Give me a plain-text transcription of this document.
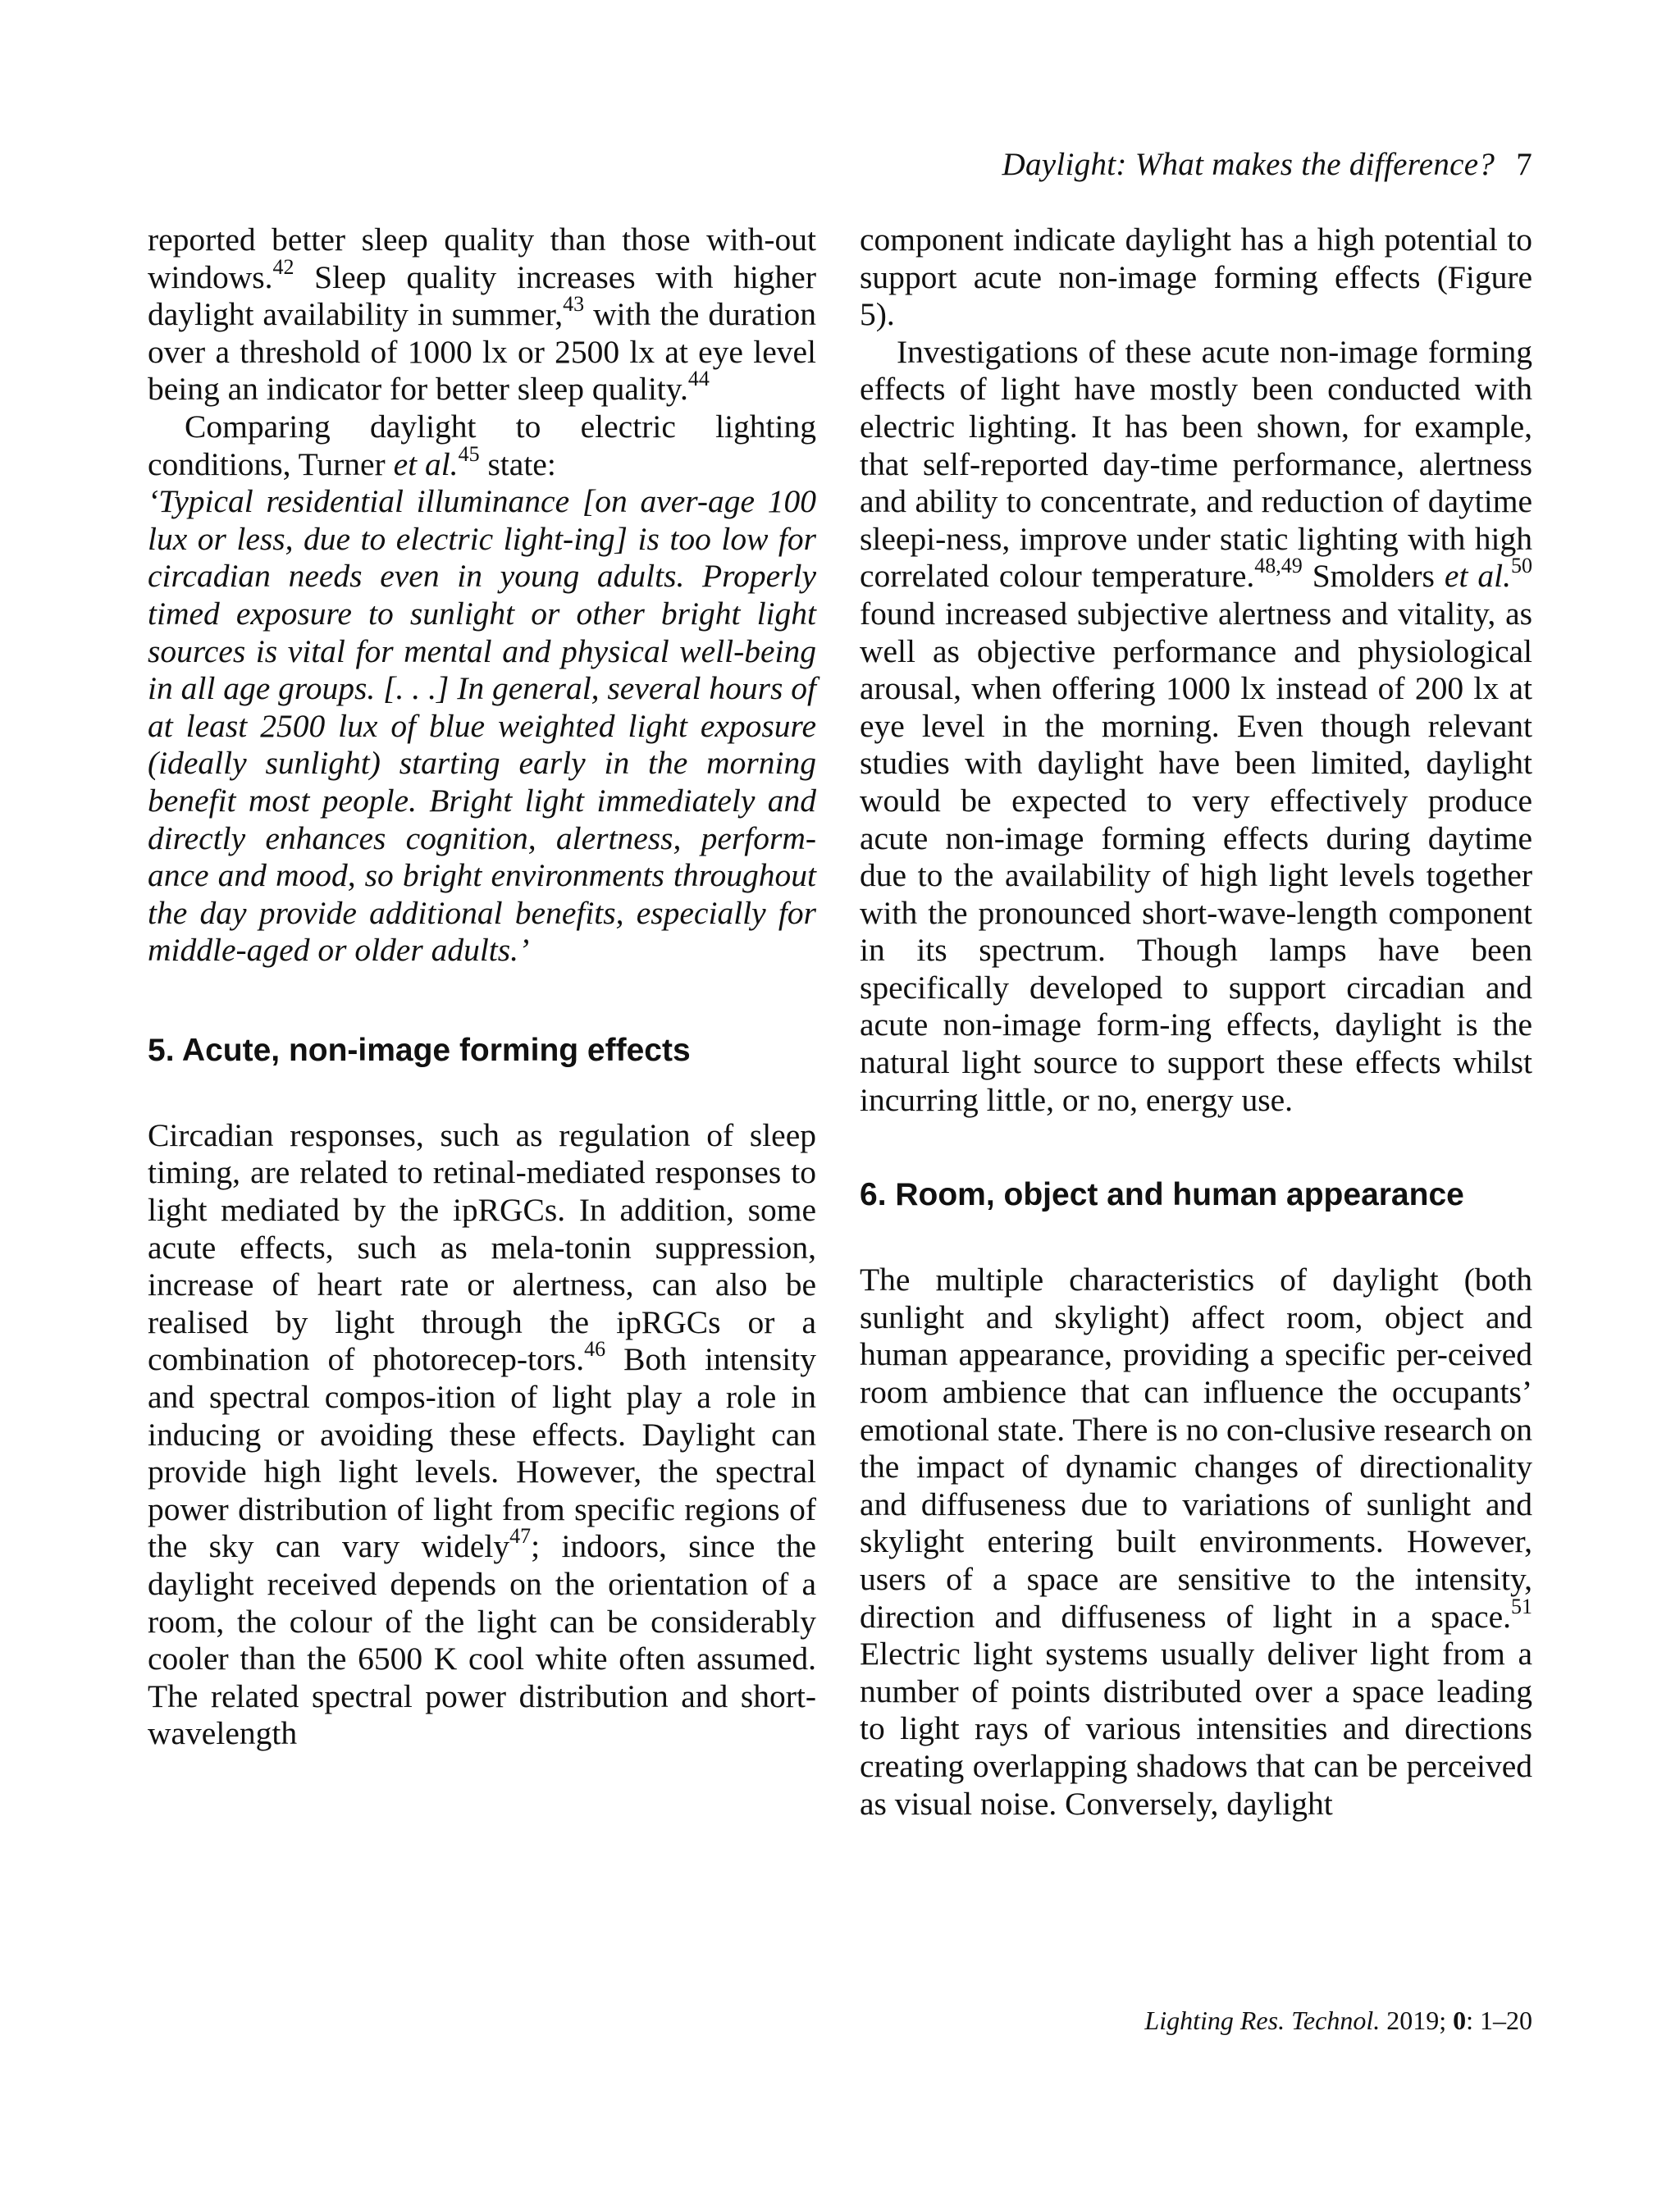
Daylight: What makes the difference? 7

reported better sleep quality than those with-out windows.$^{42}$ Sleep quality increases with higher daylight availability in summer,$^{43}$ with the duration over a threshold of 1000 lx or 2500 lx at eye level being an indicator for better sleep quality.$^{44}$

Comparing daylight to electric lighting conditions, Turner et al.$^{45}$ state:

‘Typical residential illuminance [on aver-age 100 lux or less, due to electric light-ing] is too low for circadian needs even in young adults. Properly timed exposure to sunlight or other bright light sources is vital for mental and physical well-being in all age groups. [. . .] In general, several hours of at least 2500 lux of blue weighted light exposure (ideally sunlight) starting early in the morning benefit most people. Bright light immediately and directly enhances cognition, alertness, perform-ance and mood, so bright environments throughout the day provide additional benefits, especially for middle-aged or older adults.’

5. Acute, non-image forming effects

Circadian responses, such as regulation of sleep timing, are related to retinal-mediated responses to light mediated by the ipRGCs. In addition, some acute effects, such as mela-tonin suppression, increase of heart rate or alertness, can also be realised by light through the ipRGCs or a combination of photorecep-tors.$^{46}$ Both intensity and spectral compos-ition of light play a role in inducing or avoiding these effects. Daylight can provide high light levels. However, the spectral power distribution of light from specific regions of the sky can vary widely$^{47}$; indoors, since the daylight received depends on the orientation of a room, the colour of the light can be considerably cooler than the 6500 K cool white often assumed. The related spectral power distribution and short-wavelength

component indicate daylight has a high potential to support acute non-image forming effects (Figure 5).

Investigations of these acute non-image forming effects of light have mostly been conducted with electric lighting. It has been shown, for example, that self-reported day-time performance, alertness and ability to concentrate, and reduction of daytime sleepi-ness, improve under static lighting with high correlated colour temperature.$^{48,49}$ Smolders et al.$^{50}$ found increased subjective alertness and vitality, as well as objective performance and physiological arousal, when offering 1000 lx instead of 200 lx at eye level in the morning. Even though relevant studies with daylight have been limited, daylight would be expected to very effectively produce acute non-image forming effects during daytime due to the availability of high light levels together with the pronounced short-wave-length component in its spectrum. Though lamps have been specifically developed to support circadian and acute non-image form-ing effects, daylight is the natural light source to support these effects whilst incurring little, or no, energy use.

6. Room, object and human appearance

The multiple characteristics of daylight (both sunlight and skylight) affect room, object and human appearance, providing a specific per-ceived room ambience that can influence the occupants’ emotional state. There is no con-clusive research on the impact of dynamic changes of directionality and diffuseness due to variations of sunlight and skylight entering built environments. However, users of a space are sensitive to the intensity, direction and diffuseness of light in a space.$^{51}$ Electric light systems usually deliver light from a number of points distributed over a space leading to light rays of various intensities and directions creating overlapping shadows that can be perceived as visual noise. Conversely, daylight

Lighting Res. Technol. 2019; 0: 1–20
